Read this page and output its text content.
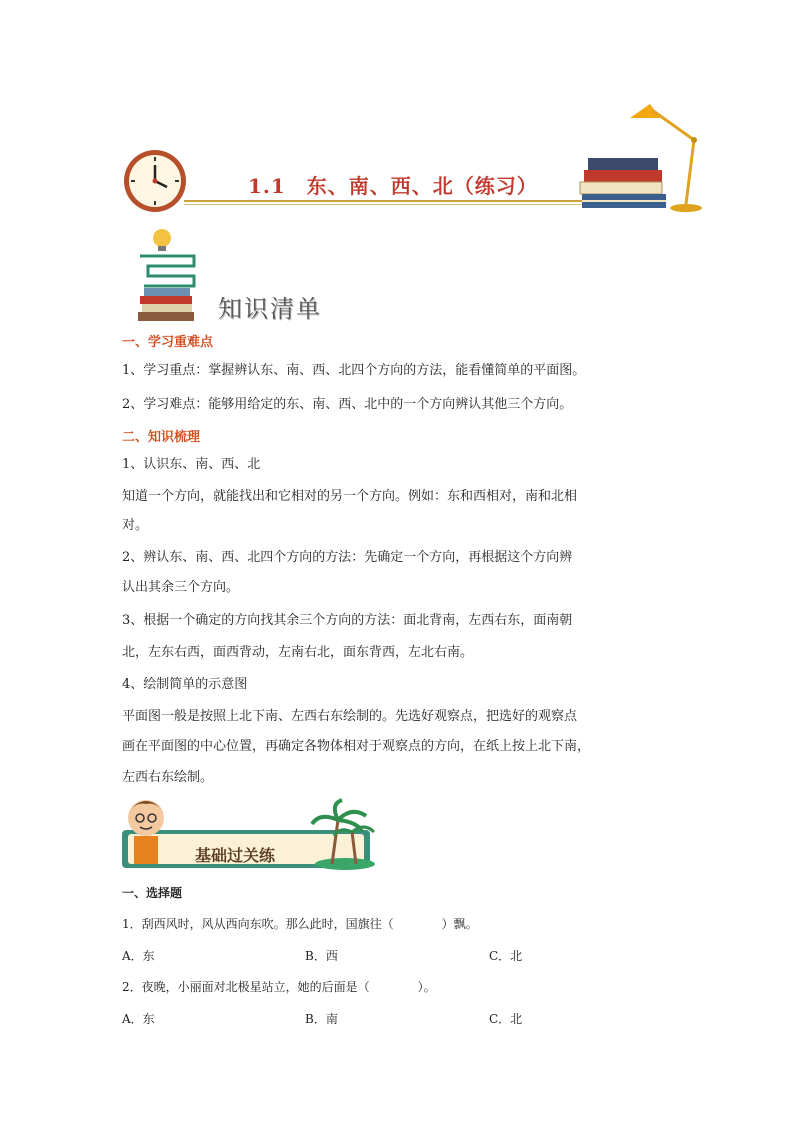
1.1　东、南、西、北（练习）
知识清单
一、学习重难点
1、学习重点：掌握辨认东、南、西、北四个方向的方法，能看懂简单的平面图。
2、学习难点：能够用给定的东、南、西、北中的一个方向辨认其他三个方向。
二、知识梳理
1、认识东、南、西、北
知道一个方向，就能找出和它相对的另一个方向。例如：东和西相对，南和北相
对。
2、辨认东、南、西、北四个方向的方法：先确定一个方向，再根据这个方向辨
认出其余三个方向。
3、根据一个确定的方向找其余三个方向的方法：面北背南，左西右东，面南朝
北，左东右西，面西背动，左南右北，面东背西，左北右南。
4、绘制简单的示意图
平面图一般是按照上北下南、左西右东绘制的。先选好观察点，把选好的观察点
画在平面图的中心位置，再确定各物体相对于观察点的方向，在纸上按上北下南，
左西右东绘制。
基础过关练
一、选择题
1．刮西风时，风从西向东吹。那么此时，国旗往（　　　　）飘。
A．东	B．西	C．北
2．夜晚，小丽面对北极星站立，她的后面是（　　　　）。
A．东	B．南	C．北
